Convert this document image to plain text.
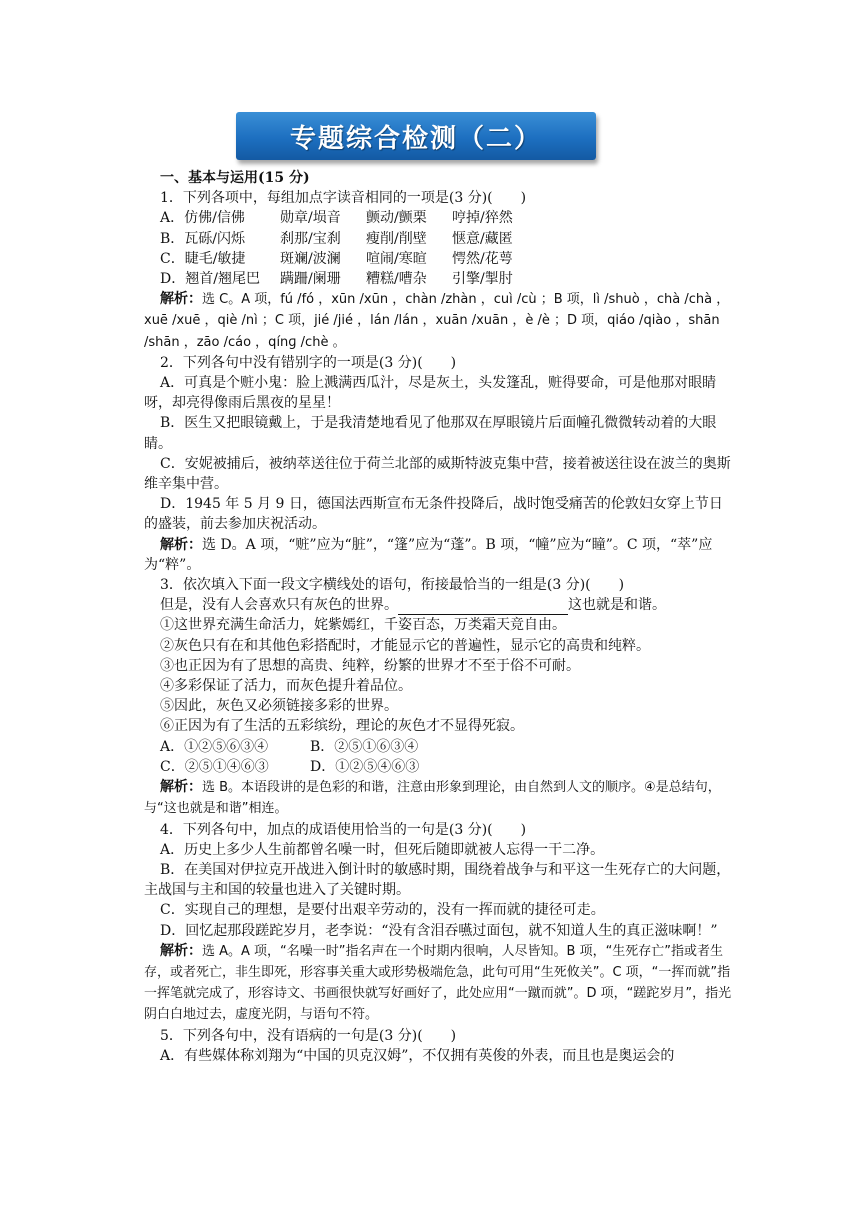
专题综合检测（二）

一、基本与运用(15 分)

1．下列各项中，每组加点字读音相同的一项是(3 分)(　　)

A．仿佛/信佛	勋章/埙音	颤动/颤栗	哼掉/猝然
B．瓦砾/闪烁	刹那/宝刹	瘦削/削壁	惬意/藏匿
C．睫毛/敏捷	斑斓/波澜	喧闹/寒暄	愕然/花萼
D．翘首/翘尾巴	蹒跚/阑珊	糟糕/嘈杂	引擎/掣肘

解析：选 C。A 项，fú /fó ，xūn /xūn ，chàn /zhàn ，cuì /cù ；B 项，lì /shuò ，chà /chà ，xuē /xuē ，qiè /nì ；C 项，jié /jié ，lán /lán ，xuān /xuān ，è /è ；D 项，qiáo /qiào ，shān /shān ，zāo /cáo ，qínɡ /chè 。

2．下列各句中没有错别字的一项是(3 分)(　　)

A．可真是个赃小鬼：脸上溅满西瓜汁，尽是灰土，头发篷乱，赃得要命，可是他那对眼睛呀，却亮得像雨后黑夜的星星！

B．医生又把眼镜戴上，于是我清楚地看见了他那双在厚眼镜片后面幢孔微微转动着的大眼睛。

C．安妮被捕后，被纳萃送往位于荷兰北部的威斯特波克集中营，接着被送往设在波兰的奥斯维辛集中营。

D．1945 年 5 月 9 日，德国法西斯宣布无条件投降后，战时饱受痛苦的伦敦妇女穿上节日的盛装，前去参加庆祝活动。

解析：选 D。A 项，“赃”应为“脏”，“篷”应为“蓬”。B 项，“幢”应为“瞳”。C 项，“萃”应为“粹”。

3．依次填入下面一段文字横线处的语句，衔接最恰当的一组是(3 分)(　　)

但是，没有人会喜欢只有灰色的世界。	这也就是和谐。

①这世界充满生命活力，姹紫嫣红，千姿百态，万类霜天竞自由。

②灰色只有在和其他色彩搭配时，才能显示它的普遍性，显示它的高贵和纯粹。

③也正因为有了思想的高贵、纯粹，纷繁的世界才不至于俗不可耐。

④多彩保证了活力，而灰色提升着品位。

⑤因此，灰色又必须链接多彩的世界。

⑥正因为有了生活的五彩缤纷，理论的灰色才不显得死寂。

A．①②⑤⑥③④	B．②⑤①⑥③④
C．②⑤①④⑥③	D．①②⑤④⑥③

解析：选 B。本语段讲的是色彩的和谐，注意由形象到理论，由自然到人文的顺序。④是总结句，与“这也就是和谐”相连。

4．下列各句中，加点的成语使用恰当的一句是(3 分)(　　)

A．历史上多少人生前都曾名噪一时，但死后随即就被人忘得一干二净。

B．在美国对伊拉克开战进入倒计时的敏感时期，围绕着战争与和平这一生死存亡的大问题，主战国与主和国的较量也进入了关键时期。

C．实现自己的理想，是要付出艰辛劳动的，没有一挥而就的捷径可走。

D．回忆起那段蹉跎岁月，老李说：“没有含泪吞嚥过面包，就不知道人生的真正滋味啊！”

解析：选 A。A 项，“名噪一时”指名声在一个时期内很响，人尽皆知。B 项，“生死存亡”指或者生存，或者死亡，非生即死，形容事关重大或形势极端危急，此句可用“生死攸关”。C 项，“一挥而就”指一挥笔就完成了，形容诗文、书画很快就写好画好了，此处应用“一蹴而就”。D 项，“蹉跎岁月”，指光阴白白地过去，虚度光阴，与语句不符。

5．下列各句中，没有语病的一句是(3 分)(　　)

A．有些媒体称刘翔为“中国的贝克汉姆”，不仅拥有英俊的外表，而且也是奥运会的
